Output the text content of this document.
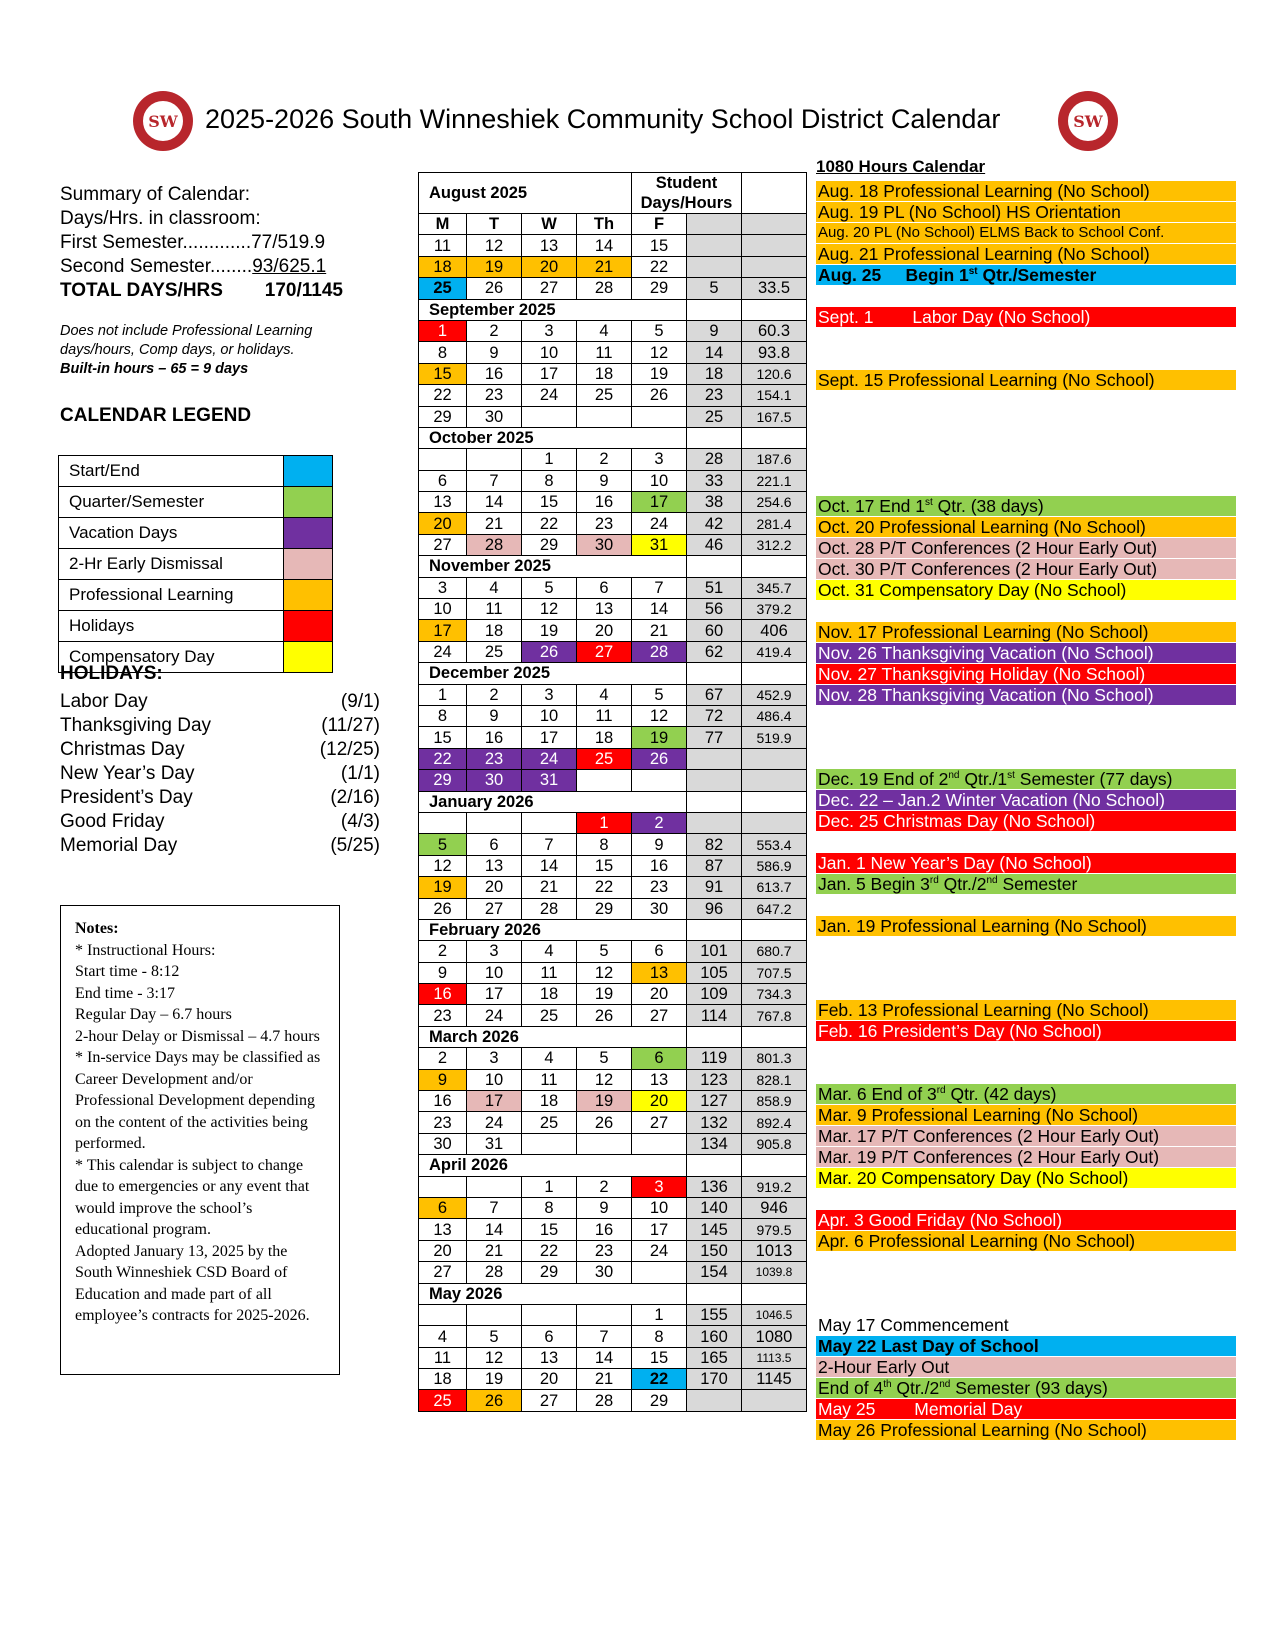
SW	2025-2026 South Winneshiek Community School District Calendar	SW
Summary of Calendar:
Days/Hrs. in classroom:
First Semester.............77/519.9
Second Semester........93/625.1
TOTAL DAYS/HRS 170/1145
Does not include Professional Learning days/hours, Comp days, or holidays.
Built-in hours – 65 = 9 days
CALENDAR LEGEND
Start/End	
Quarter/Semester	
Vacation Days	
2-Hr Early Dismissal	
Professional Learning	
Holidays	
Compensatory Day	
HOLIDAYS:
Labor Day	(9/1)
Thanksgiving Day	(11/27)
Christmas Day	(12/25)
New Year’s Day	(1/1)
President’s Day	(2/16)
Good Friday	(4/3)
Memorial Day	(5/25)
Notes:
* Instructional Hours:
Start time - 8:12
End time - 3:17
Regular Day – 6.7 hours
2-hour Delay or Dismissal – 4.7 hours
* In-service Days may be classified as Career Development and/or Professional Development depending on the content of the activities being performed.
* This calendar is subject to change due to emergencies or any event that would improve the school’s educational program.
Adopted January 13, 2025 by the South Winneshiek CSD Board of Education and made part of all employee’s contracts for 2025-2026.
August 2025				Student Days/Hours		
M	T	W	Th	F		
11	12	13	14	15		
18	19	20	21	22		
25	26	27	28	29	5	33.5
September 2025						
1	2	3	4	5	9	60.3
8	9	10	11	12	14	93.8
15	16	17	18	19	18	120.6
22	23	24	25	26	23	154.1
29	30				25	167.5
October 2025						
		1	2	3	28	187.6
6	7	8	9	10	33	221.1
13	14	15	16	17	38	254.6
20	21	22	23	24	42	281.4
27	28	29	30	31	46	312.2
November 2025						
3	4	5	6	7	51	345.7
10	11	12	13	14	56	379.2
17	18	19	20	21	60	406
24	25	26	27	28	62	419.4
December 2025						
1	2	3	4	5	67	452.9
8	9	10	11	12	72	486.4
15	16	17	18	19	77	519.9
22	23	24	25	26		
29	30	31				
January 2026						
			1	2		
5	6	7	8	9	82	553.4
12	13	14	15	16	87	586.9
19	20	21	22	23	91	613.7
26	27	28	29	30	96	647.2
February 2026						
2	3	4	5	6	101	680.7
9	10	11	12	13	105	707.5
16	17	18	19	20	109	734.3
23	24	25	26	27	114	767.8
March 2026						
2	3	4	5	6	119	801.3
9	10	11	12	13	123	828.1
16	17	18	19	20	127	858.9
23	24	25	26	27	132	892.4
30	31				134	905.8
April 2026						
		1	2	3	136	919.2
6	7	8	9	10	140	946
13	14	15	16	17	145	979.5
20	21	22	23	24	150	1013
27	28	29	30		154	1039.8
May 2026						
				1	155	1046.5
4	5	6	7	8	160	1080
11	12	13	14	15	165	1113.5
18	19	20	21	22	170	1145
25	26	27	28	29		
1080 Hours Calendar
Aug. 18 Professional Learning (No School)
Aug. 19 PL (No School) HS Orientation
Aug. 20 PL (No School) ELMS Back to School Conf.
Aug. 21 Professional Learning (No School)
Aug. 25     Begin 1st Qtr./Semester
Sept. 1        Labor Day (No School)
Sept. 15 Professional Learning (No School)
Oct. 17 End 1st Qtr. (38 days)
Oct. 20 Professional Learning (No School)
Oct. 28 P/T Conferences (2 Hour Early Out)
Oct. 30 P/T Conferences (2 Hour Early Out)
Oct. 31 Compensatory Day (No School)
Nov. 17 Professional Learning (No School)
Nov. 26 Thanksgiving Vacation (No School)
Nov. 27 Thanksgiving Holiday (No School)
Nov. 28 Thanksgiving Vacation (No School)
Dec. 19 End of 2nd Qtr./1st Semester (77 days)
Dec. 22 – Jan.2 Winter Vacation (No School)
Dec. 25 Christmas Day (No School)
Jan. 1 New Year’s Day (No School)
Jan. 5 Begin 3rd Qtr./2nd Semester
Jan. 19 Professional Learning (No School)
Feb. 13 Professional Learning (No School)
Feb. 16 President’s Day (No School)
Mar. 6 End of 3rd Qtr. (42 days)
Mar. 9 Professional Learning (No School)
Mar. 17 P/T Conferences (2 Hour Early Out)
Mar. 19 P/T Conferences (2 Hour Early Out)
Mar. 20 Compensatory Day (No School)
Apr. 3 Good Friday (No School)
Apr. 6 Professional Learning (No School)
May 17 Commencement
May 22 Last Day of School
2-Hour Early Out
End of 4th Qtr./2nd Semester (93 days)
May 25        Memorial Day
May 26 Professional Learning (No School)
